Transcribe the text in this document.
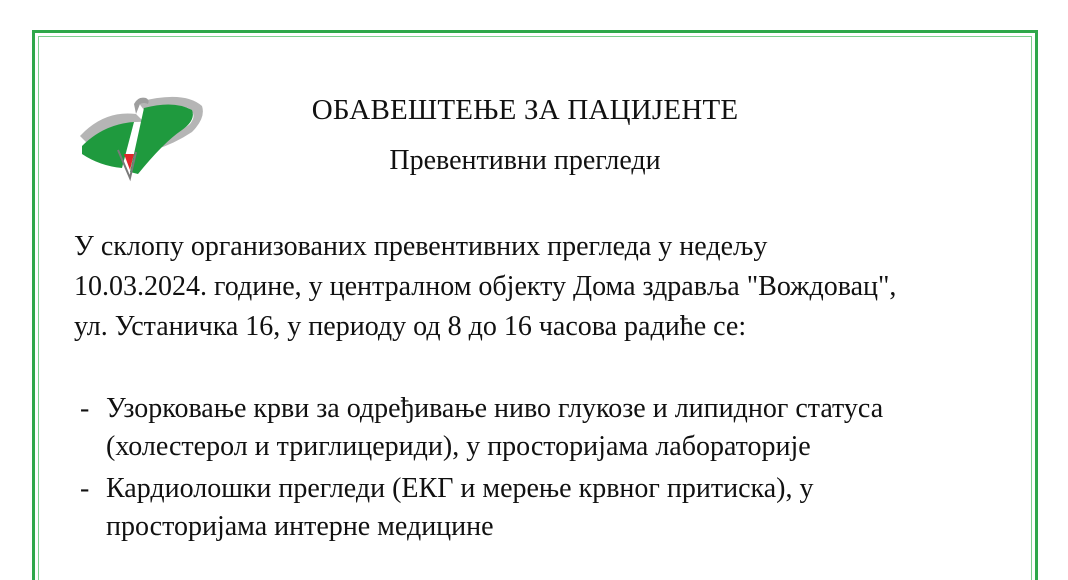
ОБАВЕШТЕЊЕ ЗА ПАЦИЈЕНТЕ
Превентивни прегледи
У склопу организованих превентивних прегледа у недељу
10.03.2024. године, у централном објекту Дома здравља "Вождовац",
ул. Устаничка 16, у периоду од 8 до 16 часова радиће се:
- Узорковање крви за одређивање ниво глукозе и липидног статуса
(холестерол и триглицериди), у просторијама лабораторије
- Кардиолошки прегледи (ЕКГ и мерење крвног притиска), у
просторијама интерне медицине
